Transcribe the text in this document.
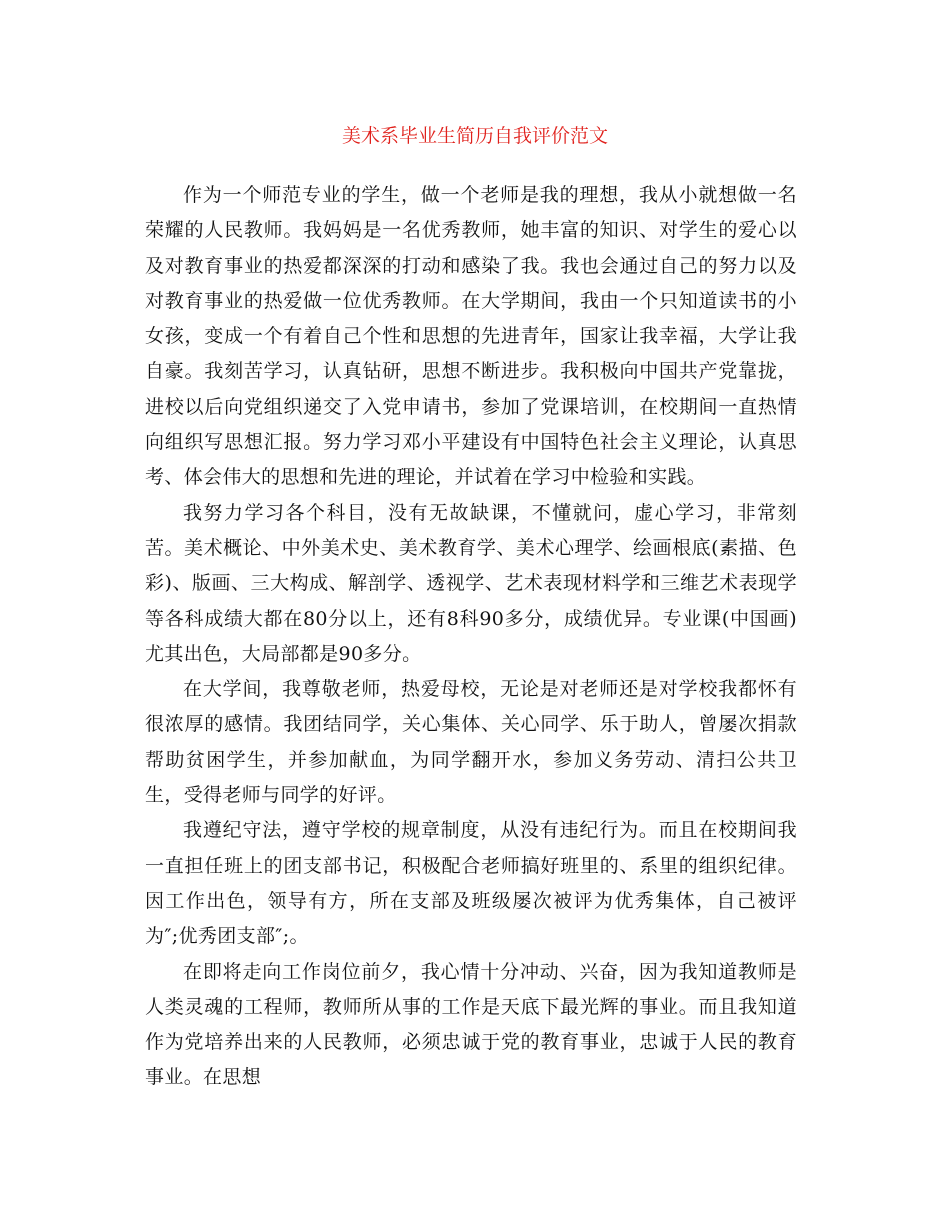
美术系毕业生简历自我评价范文

作为一个师范专业的学生，做一个老师是我的理想，我从小就想做一名荣耀的人民教师。我妈妈是一名优秀教师，她丰富的知识、对学生的爱心以及对教育事业的热爱都深深的打动和感染了我。我也会通过自己的努力以及对教育事业的热爱做一位优秀教师。在大学期间，我由一个只知道读书的小女孩，变成一个有着自己个性和思想的先进青年，国家让我幸福，大学让我自豪。我刻苦学习，认真钻研，思想不断进步。我积极向中国共产党靠拢，进校以后向党组织递交了入党申请书，参加了党课培训，在校期间一直热情向组织写思想汇报。努力学习邓小平建设有中国特色社会主义理论，认真思考、体会伟大的思想和先进的理论，并试着在学习中检验和实践。

我努力学习各个科目，没有无故缺课，不懂就问，虚心学习，非常刻苦。美术概论、中外美术史、美术教育学、美术心理学、绘画根底(素描、色彩)、版画、三大构成、解剖学、透视学、艺术表现材料学和三维艺术表现学等各科成绩大都在80分以上，还有8科90多分，成绩优异。专业课(中国画)尤其出色，大局部都是90多分。

在大学间，我尊敬老师，热爱母校，无论是对老师还是对学校我都怀有很浓厚的感情。我团结同学，关心集体、关心同学、乐于助人，曾屡次捐款帮助贫困学生，并参加献血，为同学翻开水，参加义务劳动、清扫公共卫生，受得老师与同学的好评。

我遵纪守法，遵守学校的规章制度，从没有违纪行为。而且在校期间我一直担任班上的团支部书记，积极配合老师搞好班里的、系里的组织纪律。因工作出色，领导有方，所在支部及班级屡次被评为优秀集体，自己被评为″;优秀团支部″;。

在即将走向工作岗位前夕，我心情十分冲动、兴奋，因为我知道教师是人类灵魂的工程师，教师所从事的工作是天底下最光辉的事业。而且我知道作为党培养出来的人民教师，必须忠诚于党的教育事业，忠诚于人民的教育事业。在思想
